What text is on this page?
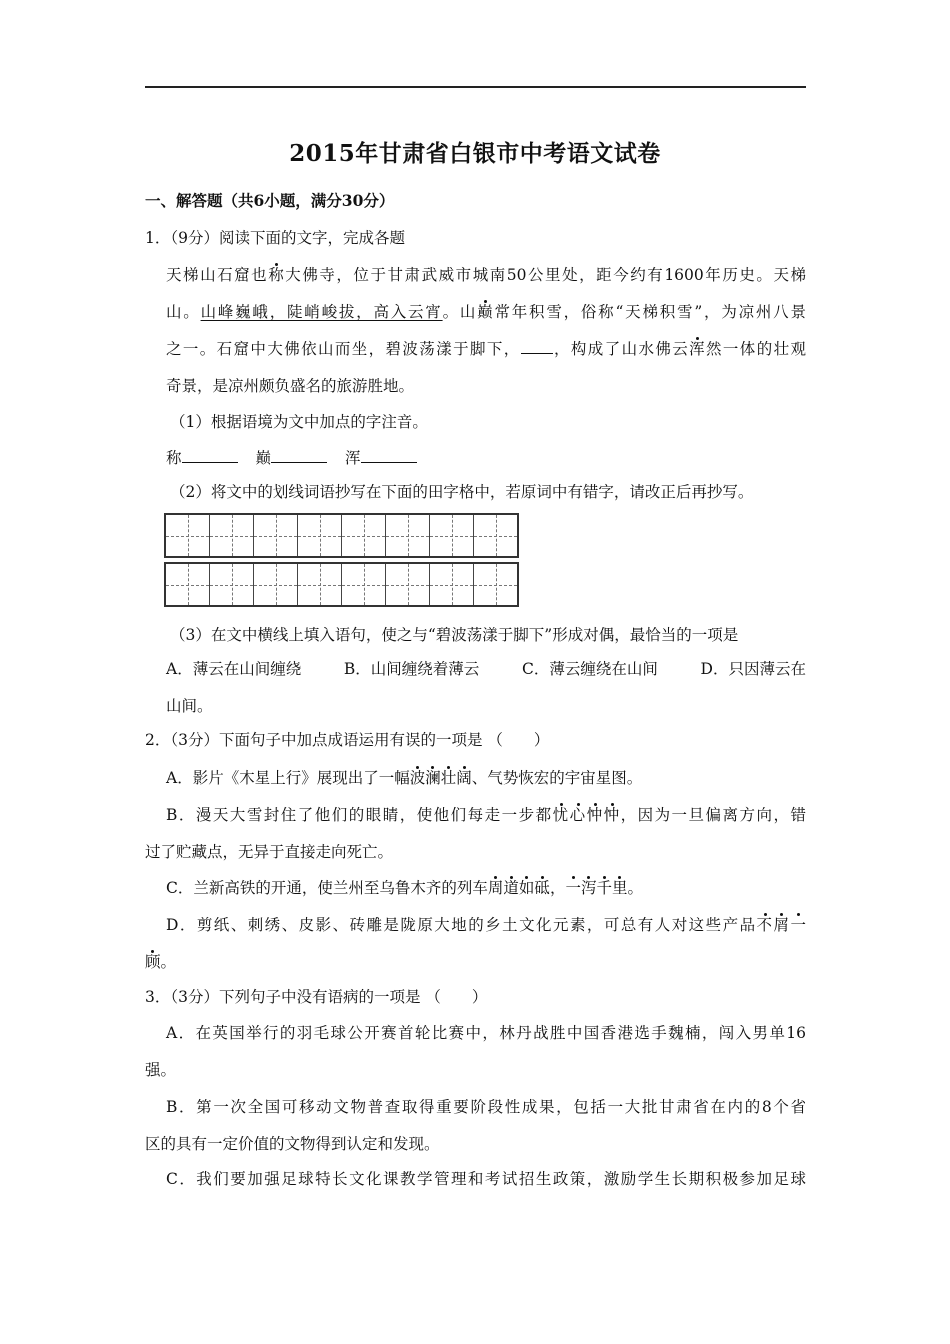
2015年甘肃省白银市中考语文试卷
一、解答题（共6小题，满分30分）
1．（9分）阅读下面的文字，完成各题
天梯山石窟也称大佛寺，位于甘肃武威市城南50公里处，距今约有1600年历史。天梯
山。山峰巍峨，陡峭峻拔，高入云宵。山巅常年积雪，俗称“天梯积雪”，为凉州八景
之一。石窟中大佛依山而坐，碧波荡漾于脚下， ，构成了山水佛云浑然一体的壮观
奇景，是凉州颇负盛名的旅游胜地。
（1）根据语境为文中加点的字注音。
称	巅	浑
（2）将文中的划线词语抄写在下面的田字格中，若原词中有错字，请改正后再抄写。
（3）在文中横线上填入语句，使之与“碧波荡漾于脚下”形成对偶，最恰当的一项是
A．薄云在山间缠绕	B．山间缠绕着薄云	C．薄云缠绕在山间	D．只因薄云在
山间。
2．（3分）下面句子中加点成语运用有误的一项是 （　　）
A．影片《木星上行》展现出了一幅波澜壮阔、气势恢宏的宇宙星图。
B．漫天大雪封住了他们的眼睛，使他们每走一步都忧心忡忡，因为一旦偏离方向，错
过了贮藏点，无异于直接走向死亡。
C．兰新高铁的开通，使兰州至乌鲁木齐的列车周道如砥，一泻千里。
D．剪纸、刺绣、皮影、砖雕是陇原大地的乡土文化元素，可总有人对这些产品不屑一
顾。
3．（3分）下列句子中没有语病的一项是 （　　）
A．在英国举行的羽毛球公开赛首轮比赛中，林丹战胜中国香港选手魏楠，闯入男单16
强。
B．第一次全国可移动文物普查取得重要阶段性成果，包括一大批甘肃省在内的8个省
区的具有一定价值的文物得到认定和发现。
C．我们要加强足球特长文化课教学管理和考试招生政策，激励学生长期积极参加足球
